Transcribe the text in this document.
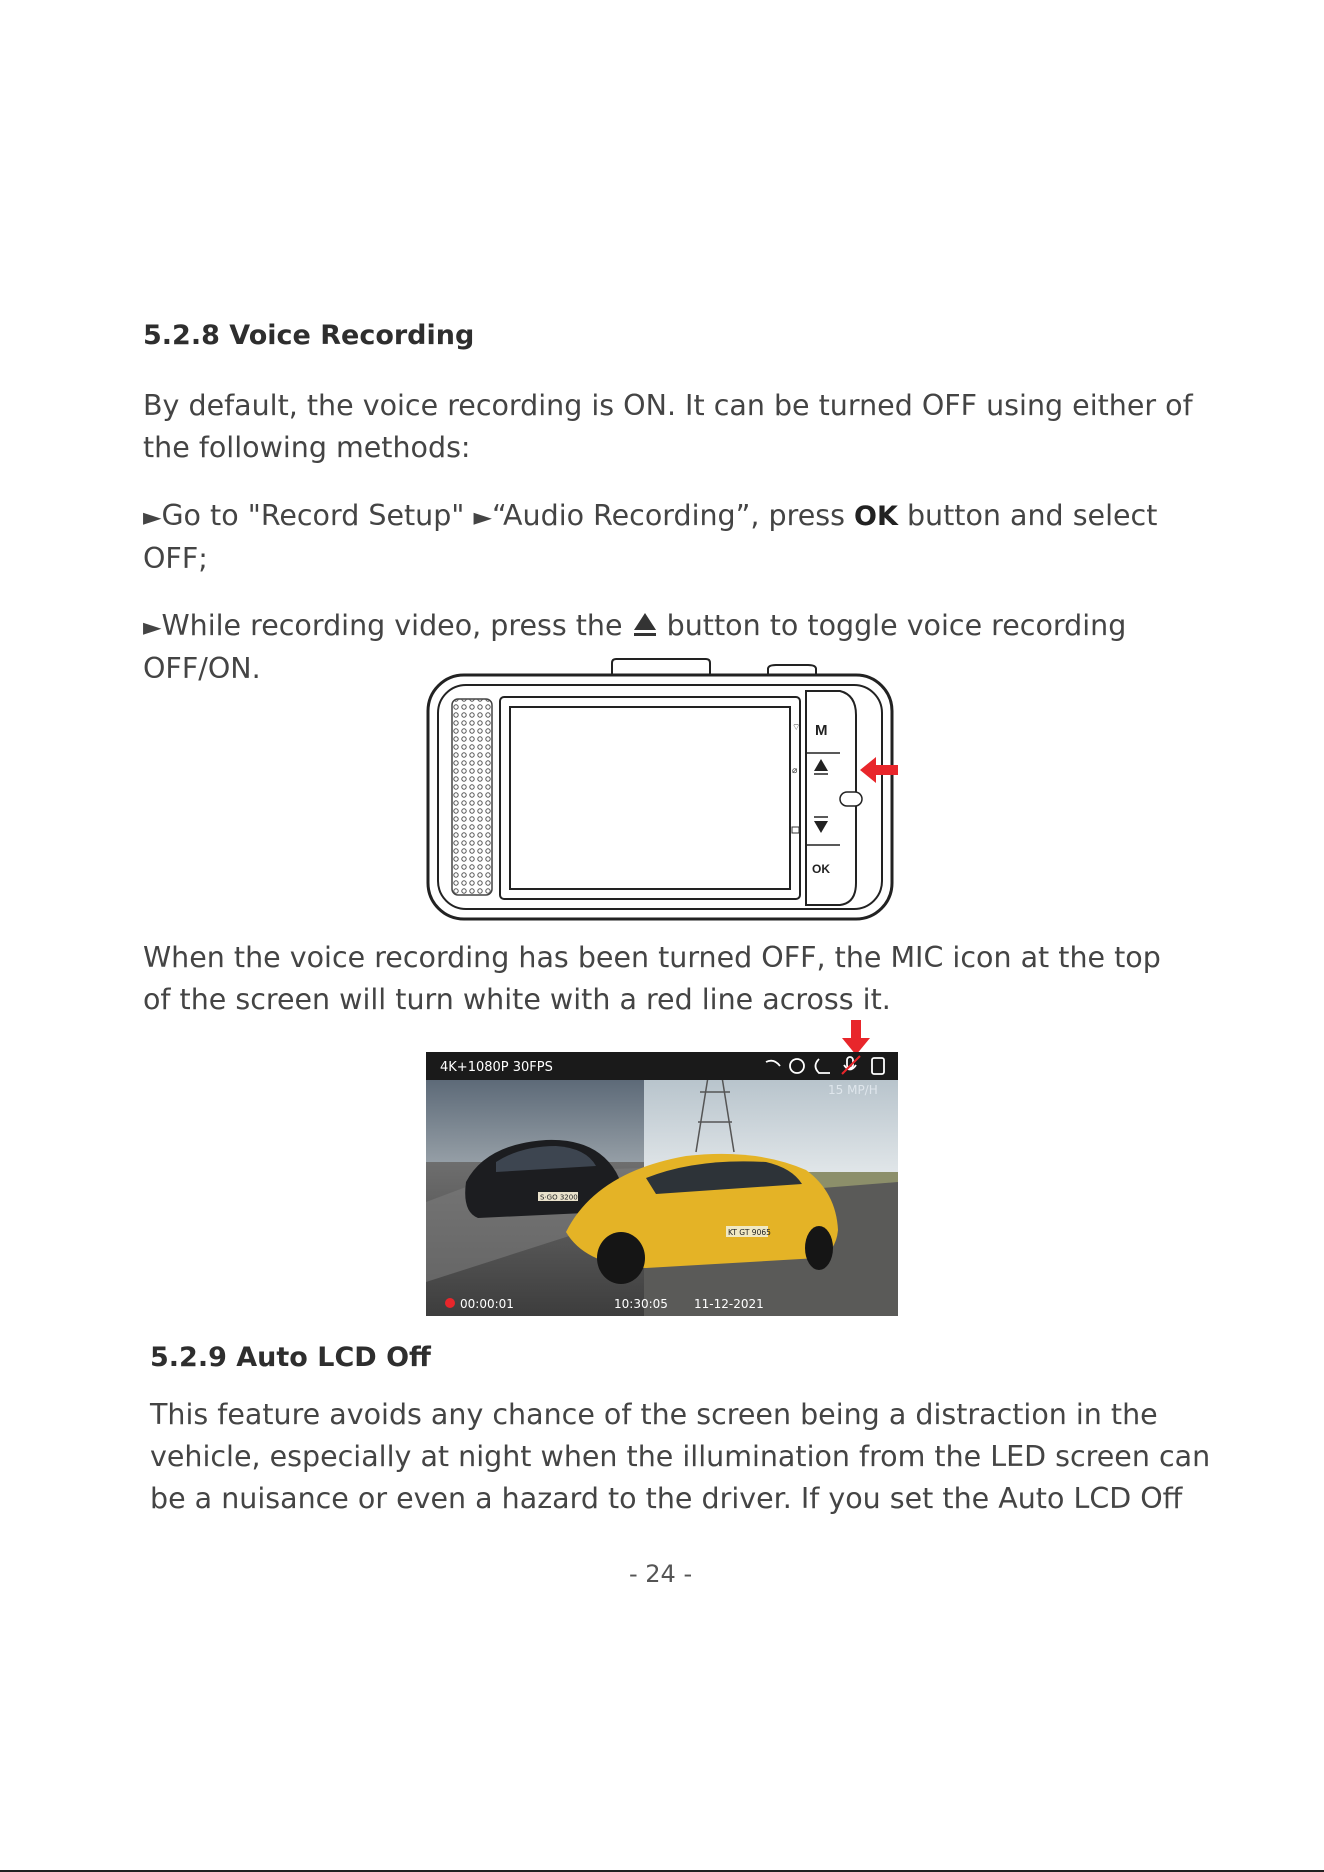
5.2.8 Voice Recording
By default, the voice recording is ON. It can be turned OFF using either of
the following methods:
►Go to "Record Setup" ►“Audio Recording”, press OK button and select
OFF;
►While recording video, press the button to toggle voice recording
OFF/ON.
⌔
⌀
M
OK
When the voice recording has been turned OFF, the MIC icon at the top
of the screen will turn white with a red line across it.
S·GO 3200
KT GT 9065
4K+1080P 30FPS
15 MP/H
00:00:01	10:30:05 11-12-2021
5.2.9 Auto LCD Off
This feature avoids any chance of the screen being a distraction in the
vehicle, especially at night when the illumination from the LED screen can
be a nuisance or even a hazard to the driver. If you set the Auto LCD Off
- 24 -
